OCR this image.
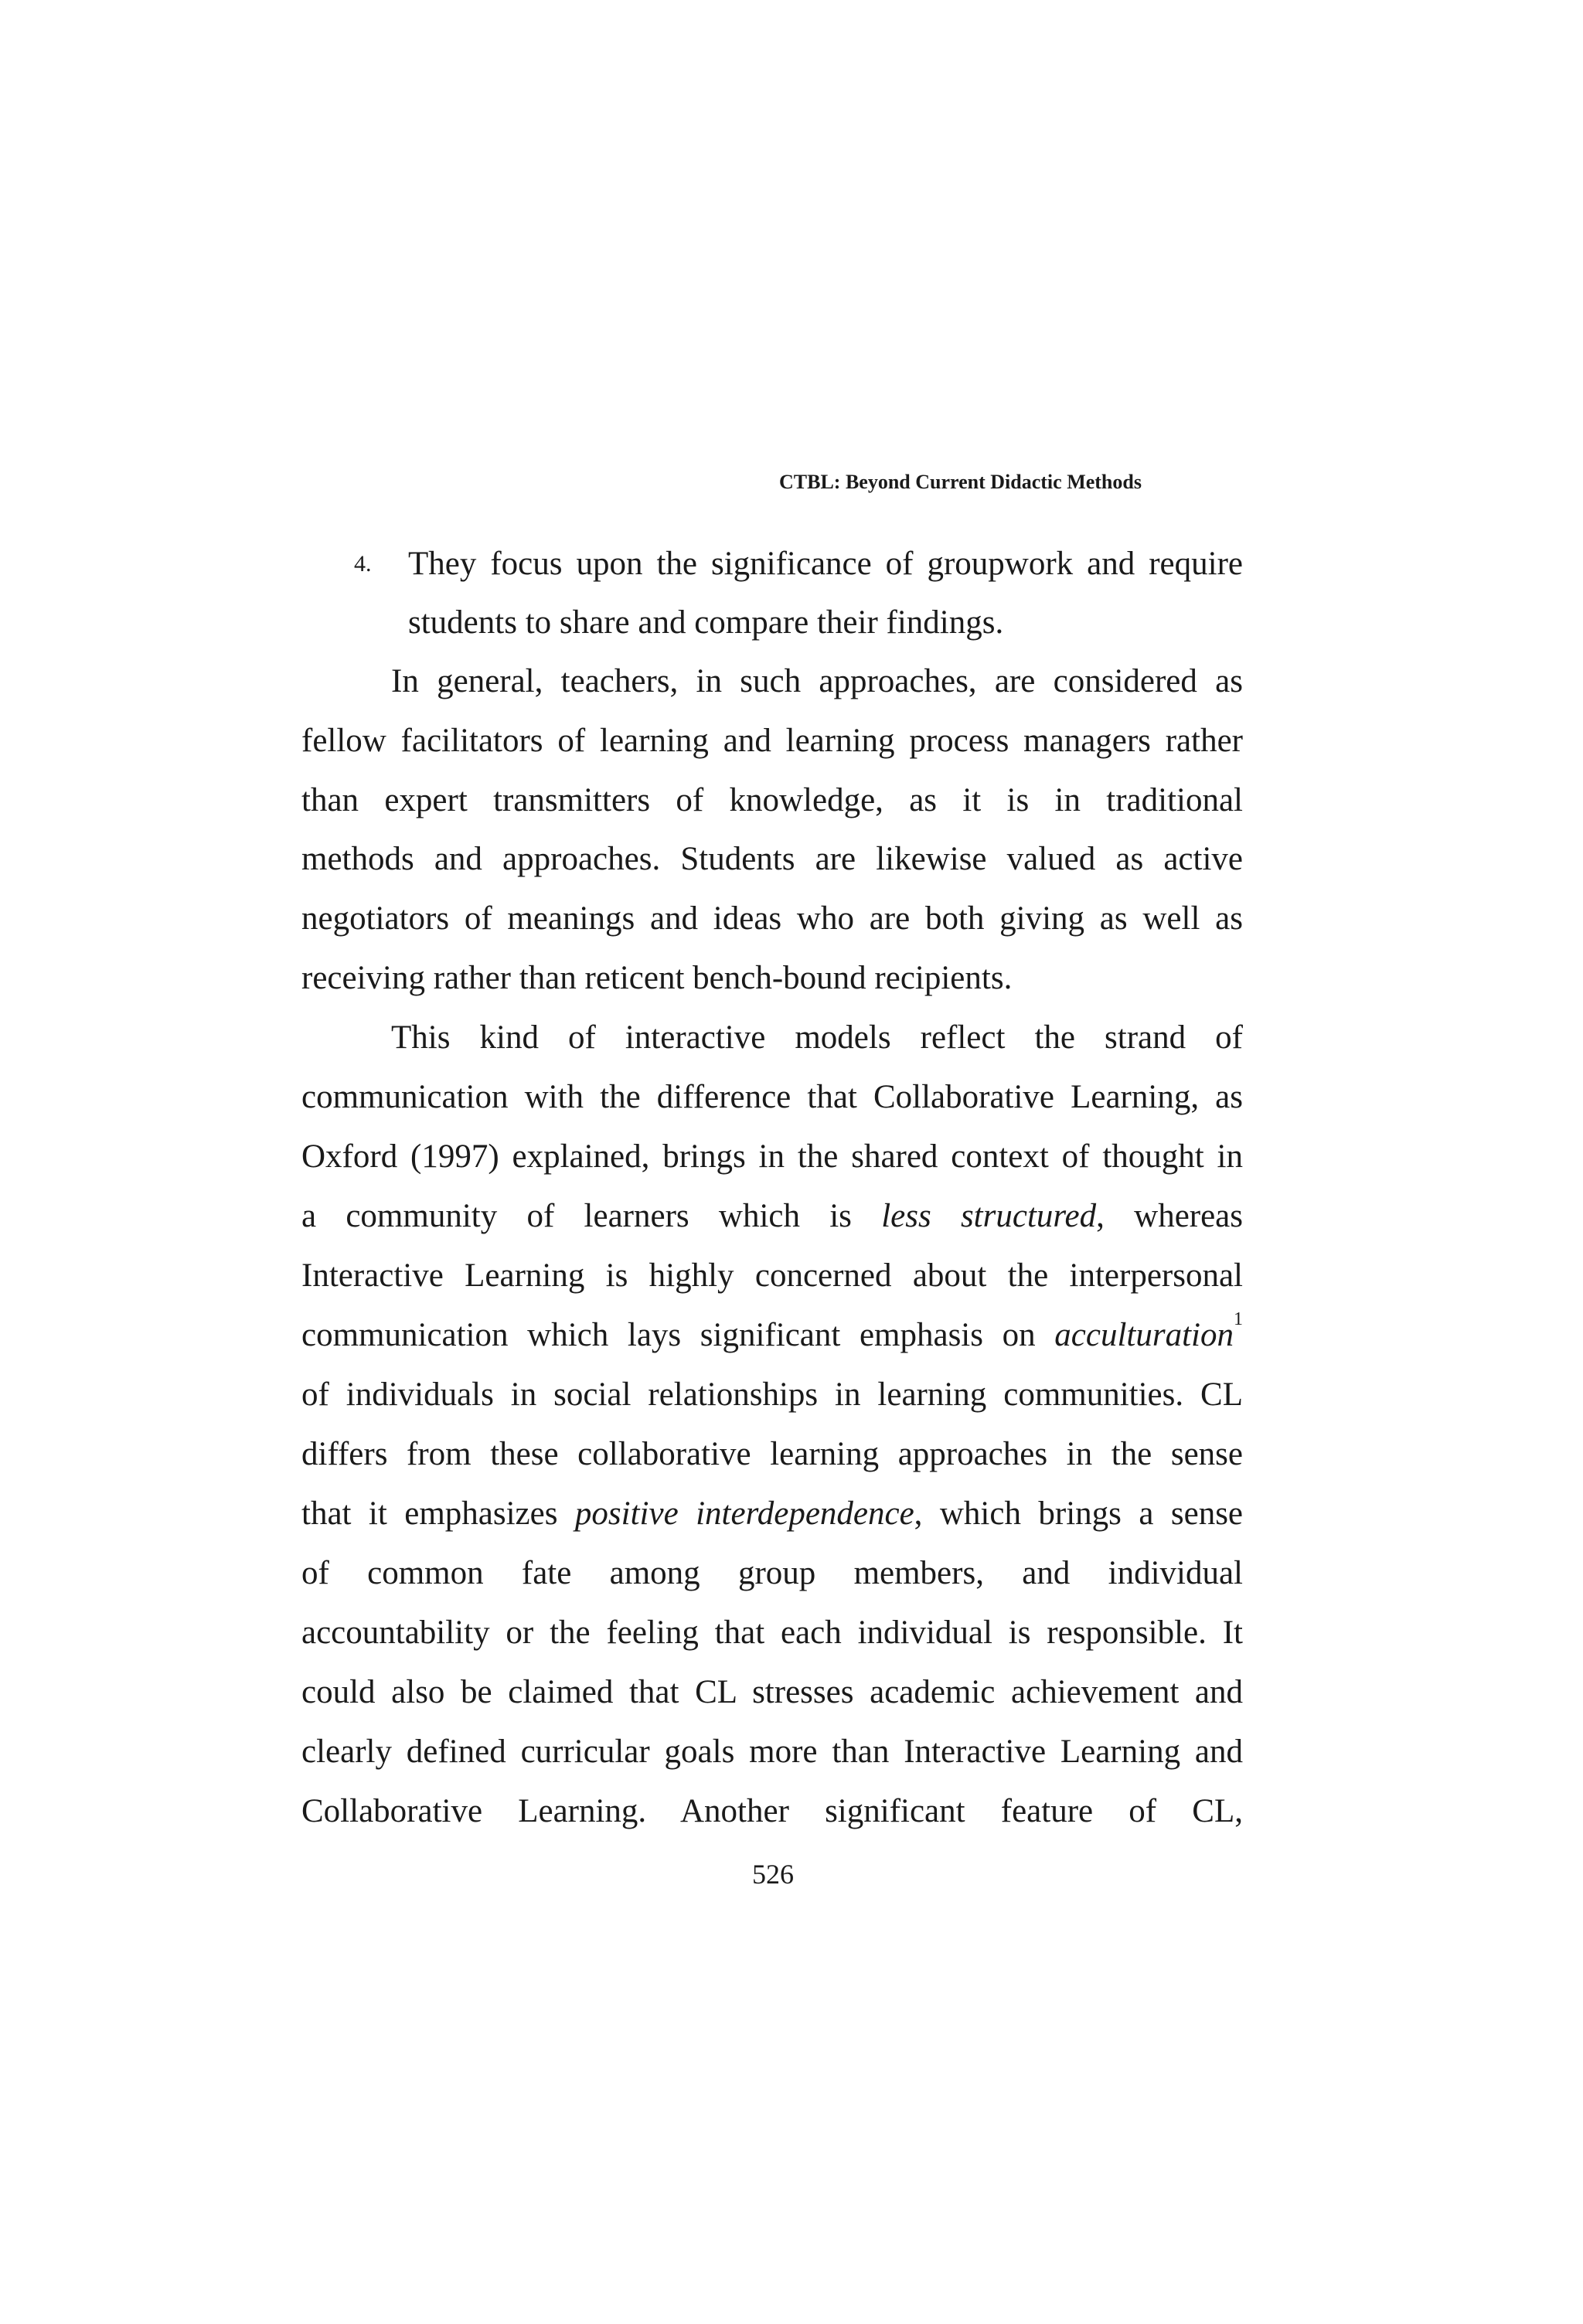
CTBL: Beyond Current Didactic Methods
4. They focus upon the significance of groupwork and require
students to share and compare their findings.
In general, teachers, in such approaches, are considered as
fellow facilitators of learning and learning process managers rather
than expert transmitters of knowledge, as it is in traditional
methods and approaches. Students are likewise valued as active
negotiators of meanings and ideas who are both giving as well as
receiving rather than reticent bench-bound recipients.
This kind of interactive models reflect the strand of
communication with the difference that Collaborative Learning, as
Oxford (1997) explained, brings in the shared context of thought in
a community of learners which is less structured, whereas
Interactive Learning is highly concerned about the interpersonal
communication which lays significant emphasis on acculturation$^1$
of individuals in social relationships in learning communities. CL
differs from these collaborative learning approaches in the sense
that it emphasizes positive interdependence, which brings a sense
of common fate among group members, and individual
accountability or the feeling that each individual is responsible. It
could also be claimed that CL stresses academic achievement and
clearly defined curricular goals more than Interactive Learning and
Collaborative Learning. Another significant feature of CL,
526
